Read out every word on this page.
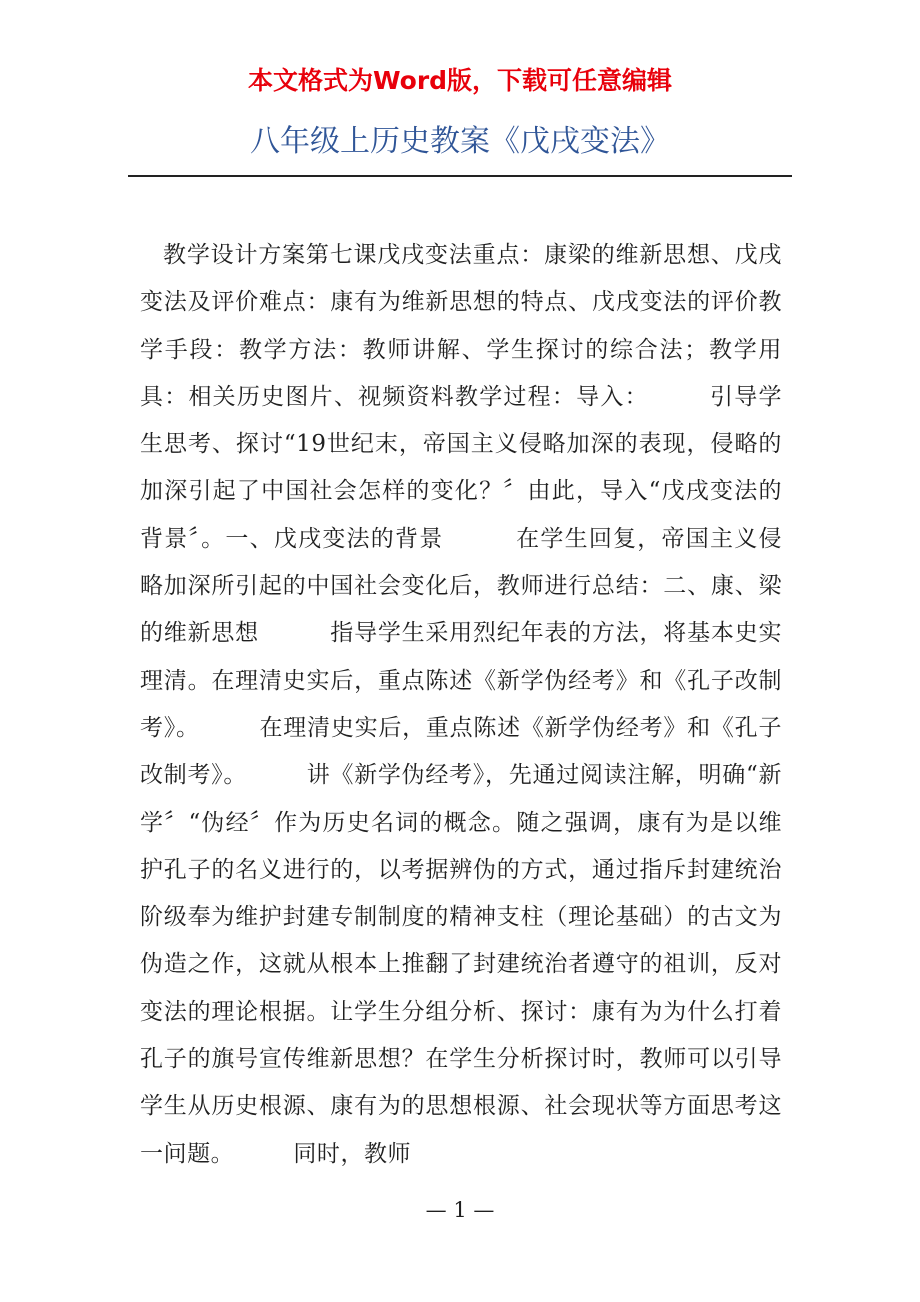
本文格式为Word版，下载可任意编辑
八年级上历史教案《戊戌变法》

教学设计方案第七课戊戌变法重点：康梁的维新思想、戊戌变法及评价难点：康有为维新思想的特点、戊戌变法的评价教学手段：教学方法：教师讲解、学生探讨的综合法；教学用具：相关历史图片、视频资料教学过程：导入：　　　引导学生思考、探讨“19世纪末，帝国主义侵略加深的表现，侵略的加深引起了中国社会怎样的变化？〞由此，导入“戊戌变法的背景〞。一、戊戌变法的背景　　　在学生回复，帝国主义侵略加深所引起的中国社会变化后，教师进行总结：二、康、梁的维新思想　　　指导学生采用烈纪年表的方法，将基本史实理清。在理清史实后，重点陈述《新学伪经考》和《孔子改制考》。　　　在理清史实后，重点陈述《新学伪经考》和《孔子改制考》。　　　讲《新学伪经考》，先通过阅读注解，明确“新学〞“伪经〞作为历史名词的概念。随之强调，康有为是以维护孔子的名义进行的，以考据辨伪的方式，通过指斥封建统治阶级奉为维护封建专制制度的精神支柱（理论基础）的古文为伪造之作，这就从根本上推翻了封建统治者遵守的祖训，反对变法的理论根据。让学生分组分析、探讨：康有为为什么打着孔子的旗号宣传维新思想？在学生分析探讨时，教师可以引导学生从历史根源、康有为的思想根源、社会现状等方面思考这一问题。　　　同时，教师

— 1 —
